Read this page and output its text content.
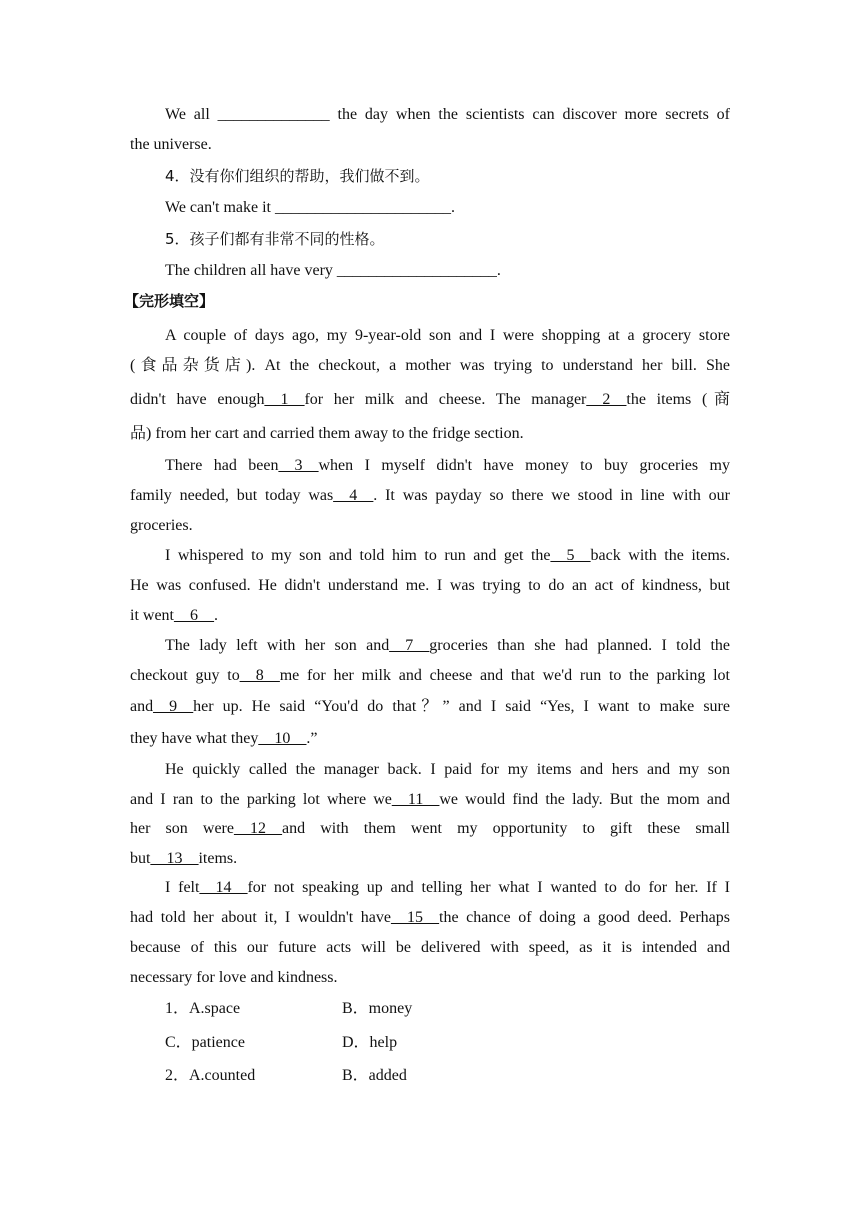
We all ______________ the day when the scientists can discover more secrets of
the universe.
4．没有你们组织的帮助，我们做不到。
We can't make it ______________________.
5．孩子们都有非常不同的性格。
The children all have very ____________________.
【完形填空】
A couple of days ago, my 9-year-old son and I were shopping at a grocery store
(食品杂货店). At the checkout, a mother was trying to understand her bill. She
didn't have enough__1__for her milk and cheese. The manager__2__the items (商
品) from her cart and carried them away to the fridge section.
There had been__3__when I myself didn't have money to buy groceries my
family needed, but today was__4__. It was payday so there we stood in line with our
groceries.
I whispered to my son and told him to run and get the__5__back with the items.
He was confused. He didn't understand me. I was trying to do an act of kindness, but
it went__6__.
The lady left with her son and__7__groceries than she had planned. I told the
checkout guy to__8__me for her milk and cheese and that we'd run to the parking lot
and__9__her up. He said “You'd do that？” and I said “Yes, I want to make sure
they have what they__10__.”
He quickly called the manager back. I paid for my items and hers and my son
and I ran to the parking lot where we__11__we would find the lady. But the mom and
her son were__12__and with them went my opportunity to gift these small
but__13__items.
I felt__14__for not speaking up and telling her what I wanted to do for her. If I
had told her about it, I wouldn't have__15__the chance of doing a good deed. Perhaps
because of this our future acts will be delivered with speed, as it is intended and
necessary for love and kindness.
1．A.space	B．money
C．patience	D．help
2．A.counted	B．added
